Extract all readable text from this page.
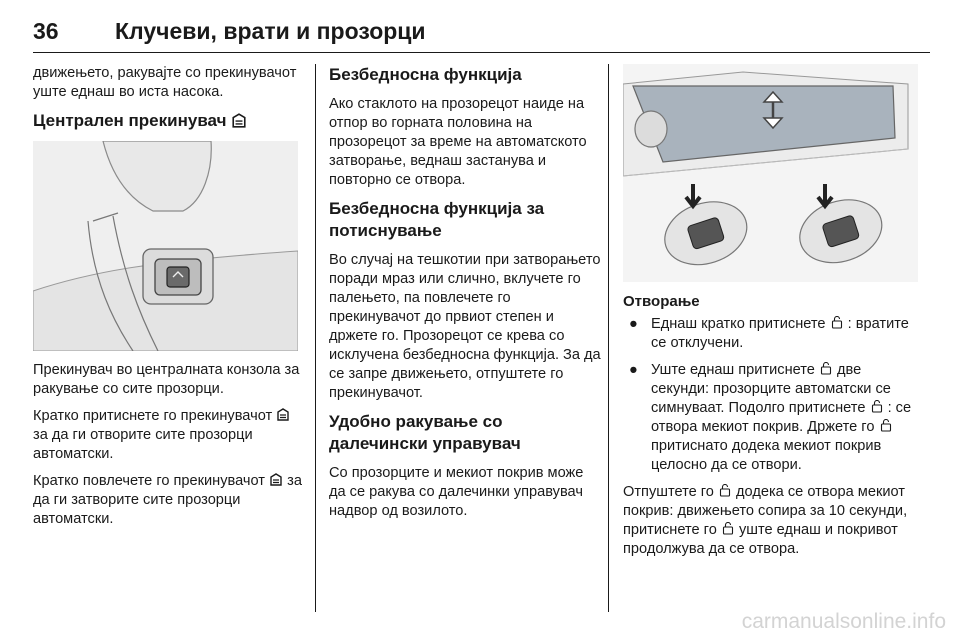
36 Клучеви, врати и прозорци

движењето, ракувајте со прекинувачот уште еднаш во иста насока.

Централен прекинувач

Прекинувач во централната конзола за ракување со сите прозорци.

Кратко притиснете го прекинувачот  за да ги отворите сите прозорци автоматски.

Кратко повлечете го прекинувачот за да ги затворите сите прозорци автоматски.

Безбедносна функција

Ако стаклото на прозорецот наиде на отпор во горната половина на прозорецот за време на автоматското затворање, веднаш застанува и повторно се отвора.

Безбедносна функција за потиснување

Во случај на тешкотии при затворањето поради мраз или слично, вклучете го палењето, па повлечете го прекинувачот до првиот степен и држете го. Прозорецот се крева со исклучена безбедносна функција. За да се запре движењето, отпуштете го прекинувачот.

Удобно ракување со далечински управувач

Со прозорците и мекиот покрив може да се ракува со далечинки управувач надвор од возилото.

Отворање
● Еднаш кратко притиснете : вратите се отклучени.
● Уште еднаш притиснете две секунди: прозорците автоматски се симнуваат. Подолго притиснете : се отвора мекиот покрив. Држете го  притиснато додека мекиот покрив целосно да се отвори.

Отпуштете го додека се отвора мекиот покрив: движењето сопира за 10 секунди, притиснете го уште еднаш и покривот продолжува да се отвора.

carmanualsonline.info
